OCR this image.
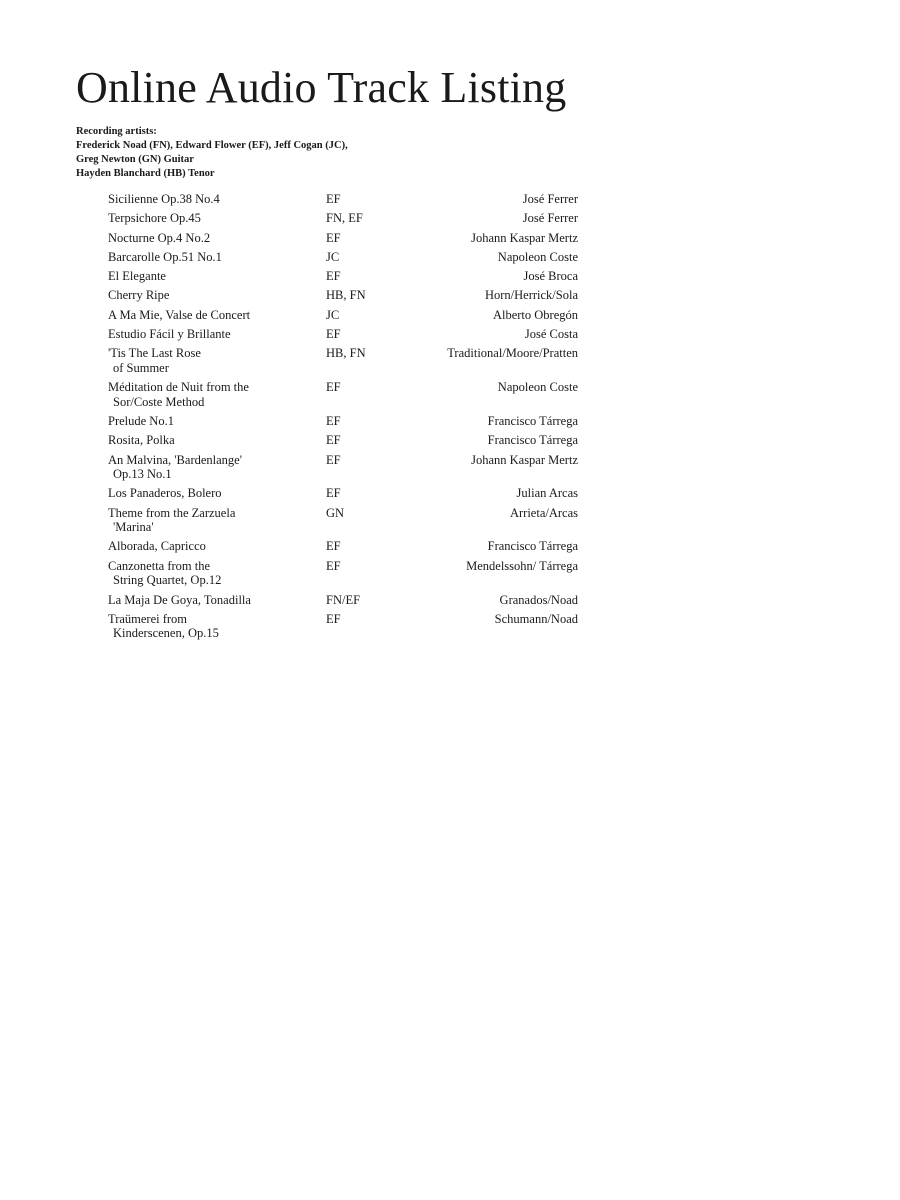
Online Audio Track Listing
Recording artists:
Frederick Noad (FN), Edward Flower (EF), Jeff Cogan (JC),
Greg Newton (GN) Guitar
Hayden Blanchard (HB) Tenor
Sicilienne Op.38 No.4	EF	José Ferrer
Terpsichore Op.45	FN, EF	José Ferrer
Nocturne Op.4 No.2	EF	Johann Kaspar Mertz
Barcarolle Op.51 No.1	JC	Napoleon Coste
El Elegante	EF	José Broca
Cherry Ripe	HB, FN	Horn/Herrick/Sola
A Ma Mie, Valse de Concert	JC	Alberto Obregón
Estudio Fácil y Brillante	EF	José Costa
'Tis The Last Rose
of Summer
HB, FN	Traditional/Moore/Pratten
Méditation de Nuit from the
Sor/Coste Method
EF	Napoleon Coste
Prelude No.1	EF	Francisco Tárrega
Rosita, Polka	EF	Francisco Tárrega
An Malvina, 'Bardenlange'
Op.13 No.1
EF	Johann Kaspar Mertz
Los Panaderos, Bolero	EF	Julian Arcas
Theme from the Zarzuela
'Marina'
GN	Arrieta/Arcas
Alborada, Capricco	EF	Francisco Tárrega
Canzonetta from the
String Quartet, Op.12
EF	Mendelssohn/ Tárrega
La Maja De Goya, Tonadilla	FN/EF	Granados/Noad
Traümerei from
Kinderscenen, Op.15
EF	Schumann/Noad
